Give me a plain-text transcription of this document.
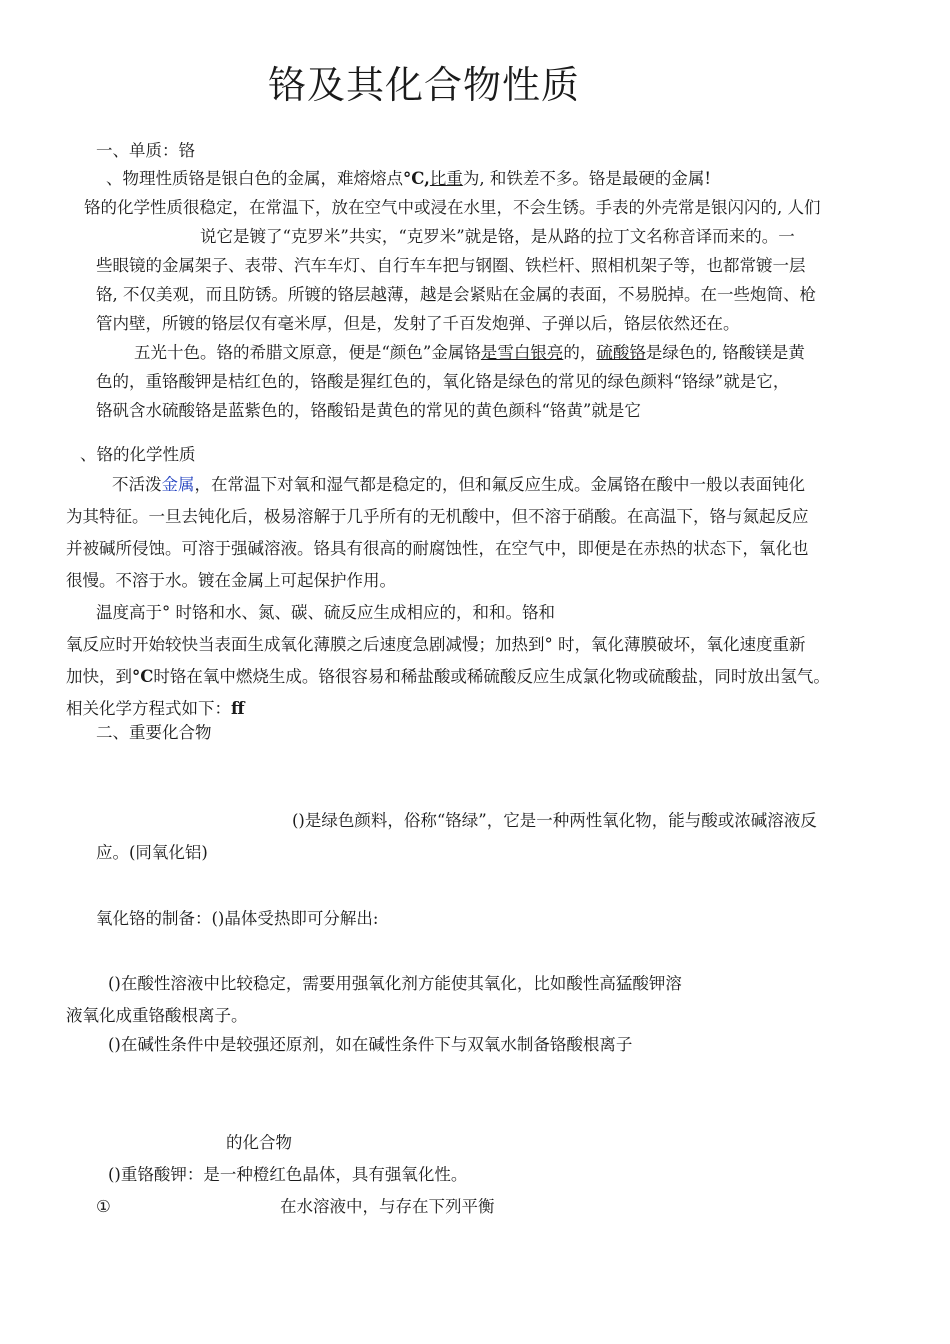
铬及其化合物性质
一、单质：铬
、物理性质铬是银白色的金属，难熔熔点°C,比重为, 和铁差不多。铬是最硬的金属!
铬的化学性质很稳定，在常温下，放在空气中或浸在水里，不会生锈。手表的外壳常是银闪闪的, 人们
说它是镀了“克罗米”共实，“克罗米”就是铬，是从路的拉丁文名称音译而来的。一
些眼镜的金属架子、表带、汽车车灯、自行车车把与钢圈、铁栏杆、照相机架子等，也都常镀一层
铬, 不仅美观，而且防锈。所镀的铬层越薄，越是会紧贴在金属的表面，不易脱掉。在一些炮筒、枪
管内壁，所镀的铬层仅有毫米厚，但是，发射了千百发炮弹、子弹以后，铬层依然还在。
五光十色。铬的希腊文原意，便是“颜色”金属铬是雪白银亮的，硫酸铬是绿色的, 铬酸镁是黄
色的，重铬酸钾是桔红色的，铬酸是猩红色的，氧化铬是绿色的常见的绿色颜料“铬绿”就是它，
铬矾含水硫酸铬是蓝紫色的，铬酸铅是黄色的常见的黄色颜科“铬黄”就是它
、铬的化学性质
不活泼金属，在常温下对氧和湿气都是稳定的，但和氟反应生成。金属铬在酸中一般以表面钝化
为其特征。一旦去钝化后，极易溶解于几乎所有的无机酸中，但不溶于硝酸。在高温下，铬与氮起反应
并被碱所侵蚀。可溶于强碱溶液。铬具有很高的耐腐蚀性，在空气中，即便是在赤热的状态下，氧化也
很慢。不溶于水。镀在金属上可起保护作用。
温度高于° 时铬和水、氮、碳、硫反应生成相应的，和和。铬和
氧反应时开始较快当表面生成氧化薄膜之后速度急剧减慢；加热到° 时，氧化薄膜破坏，氧化速度重新
加快，到°C时铬在氧中燃烧生成。铬很容易和稀盐酸或稀硫酸反应生成氯化物或硫酸盐，同时放出氢气。
相关化学方程式如下：ff
二、重要化合物
()是绿色颜料，俗称“铬绿”，它是一种两性氧化物，能与酸或浓碱溶液反
应。(同氧化铝)
氧化铬的制备：()晶体受热即可分解出:
()在酸性溶液中比较稳定，需要用强氧化剂方能使其氧化，比如酸性高猛酸钾溶
液氧化成重铬酸根离子。
()在碱性条件中是较强还原剂，如在碱性条件下与双氧水制备铬酸根离子
的化合物
()重铬酸钾：是一种橙红色晶体，具有强氧化性。
①	在水溶液中，与存在下列平衡
